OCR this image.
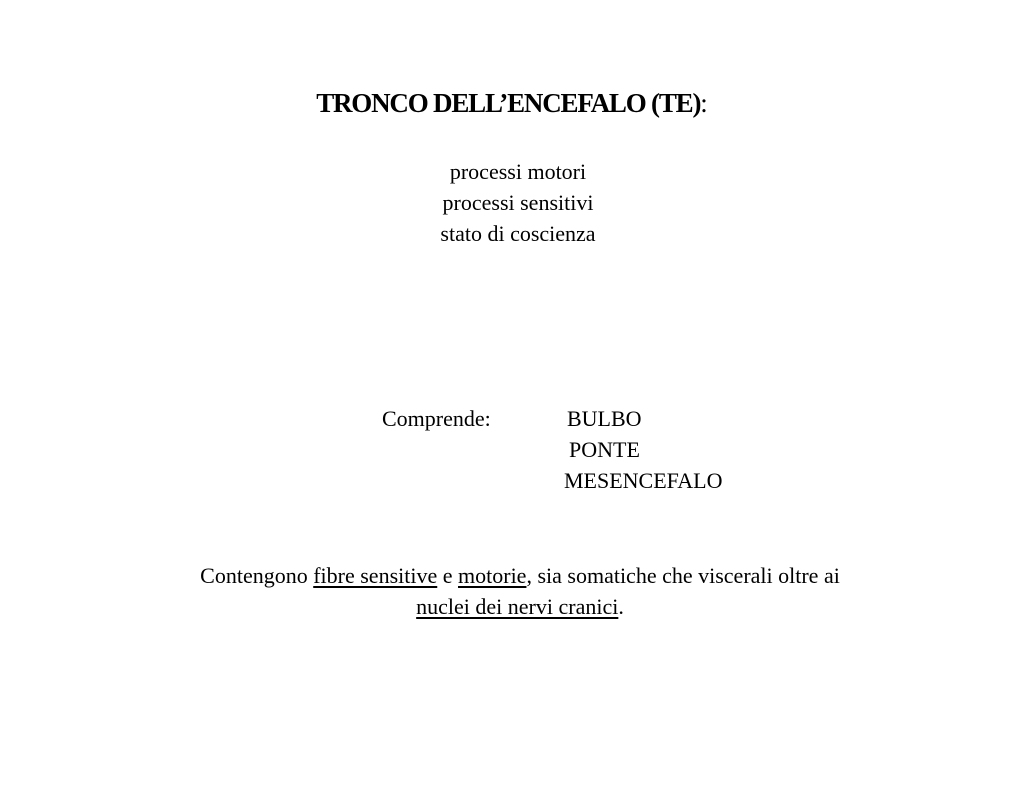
TRONCO DELL’ENCEFALO (TE):
processi motori
processi sensitivi
stato di coscienza
Comprende:	BULBO
PONTE
MESENCEFALO
Contengono fibre sensitive e motorie, sia somatiche che viscerali oltre ai
nuclei dei nervi cranici.
